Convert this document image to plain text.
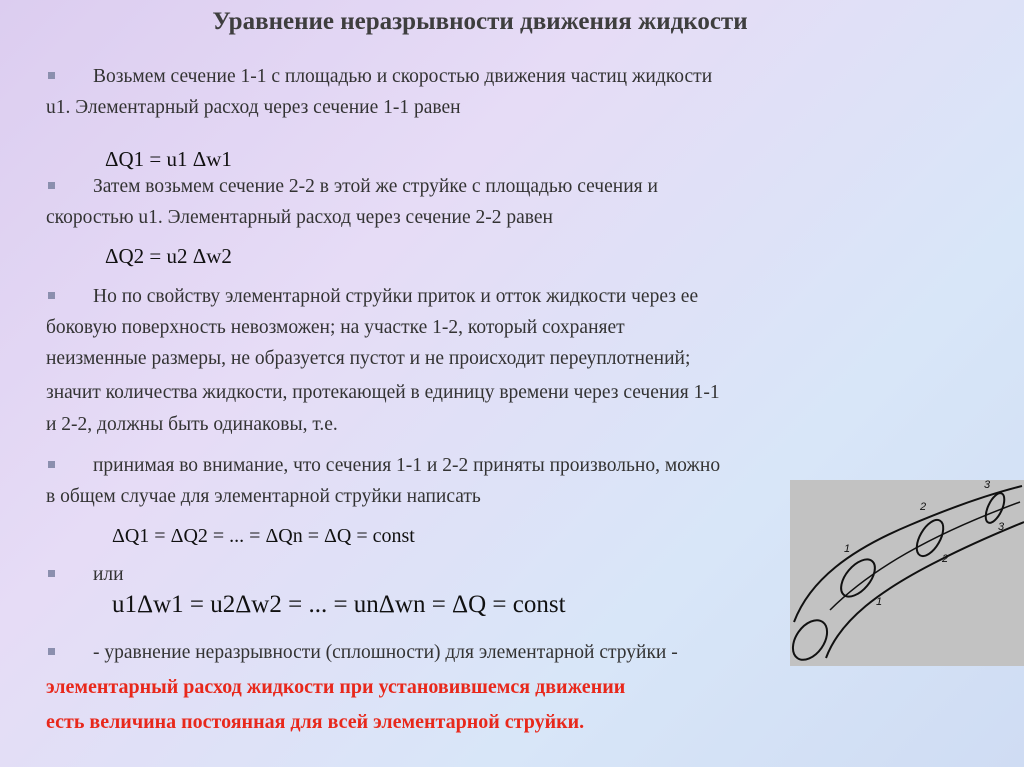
Уравнение неразрывности движения жидкости
Возьмем сечение 1-1 с площадью и скоростью движения частиц жидкости
u1. Элементарный расход через сечение 1-1 равен
ΔQ1 = u1 Δw1
Затем возьмем сечение 2-2 в этой же струйке с площадью сечения и
скоростью u1. Элементарный расход через сечение 2-2 равен
ΔQ2 = u2 Δw2
Но по свойству элементарной струйки приток и отток жидкости через ее
боковую поверхность невозможен; на участке 1-2, который сохраняет
неизменные размеры, не образуется пустот и не происходит переуплотнений;
значит количества жидкости, протекающей в единицу времени через сечения 1-1
и 2-2, должны быть одинаковы, т.е.
принимая во внимание, что сечения 1-1 и 2-2 приняты произвольно, можно
в общем случае для элементарной струйки написать
ΔQ1 = ΔQ2 = ... = ΔQn = ΔQ = const
или
u1Δw1 = u2Δw2 = ... = unΔwn = ΔQ = const
- уравнение неразрывности (сплошности) для элементарной струйки -
элементарный расход жидкости при установившемся движении
есть величина постоянная для всей элементарной струйки.
1
1
2
2
3
3
